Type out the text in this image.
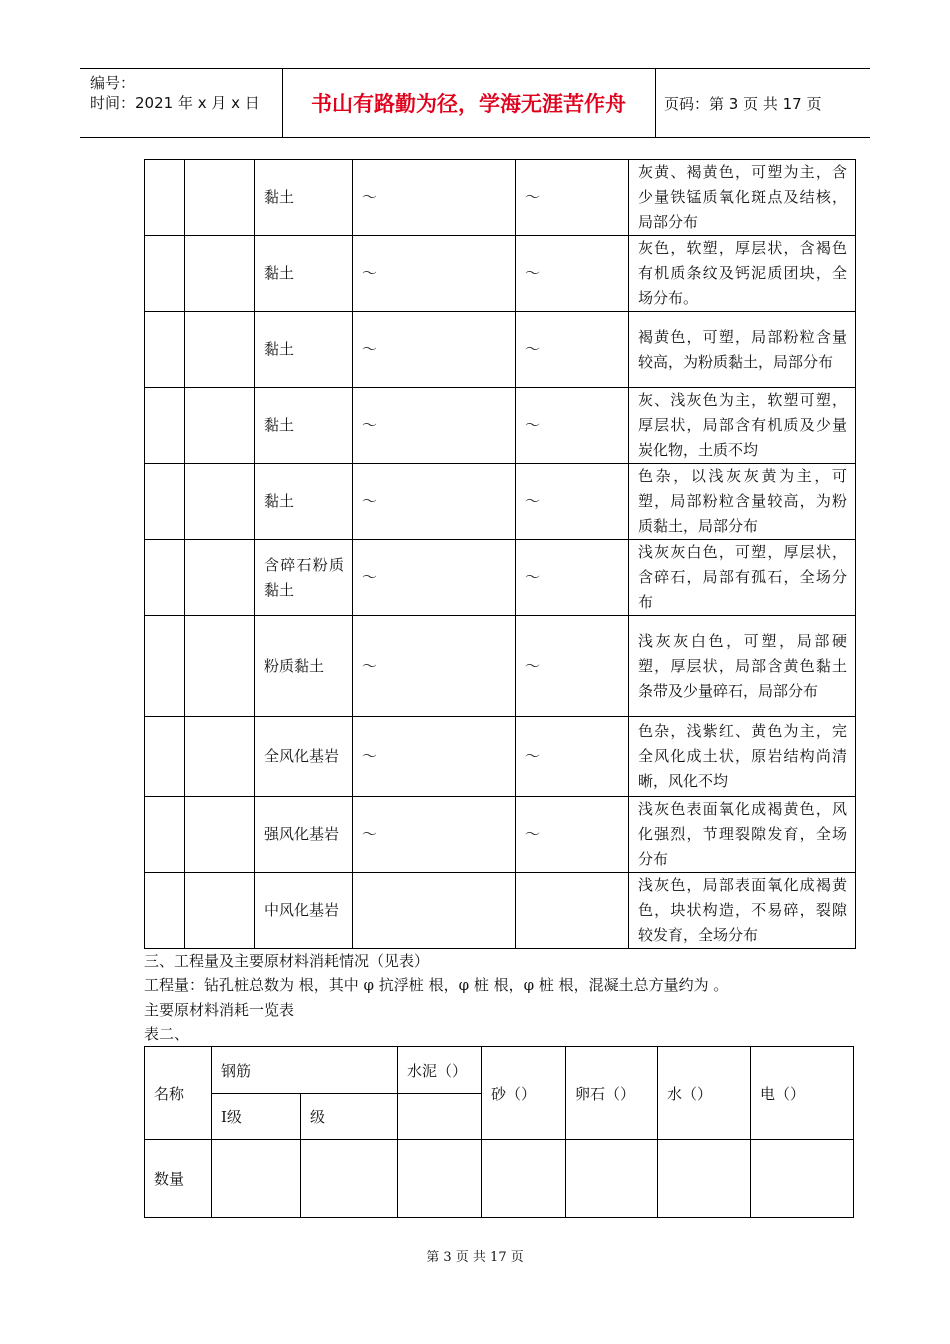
编号：
时间：2021 年 x 月 x 日	书山有路勤为径，学海无涯苦作舟	页码：第 3 页 共 17 页
		黏土	～	～	灰黄、褐黄色，可塑为主，含少量铁锰质氧化斑点及结核，局部分布
		黏土	～	～	灰色，软塑，厚层状，含褐色有机质条纹及钙泥质团块，全场分布。
		黏土	～	～	褐黄色，可塑，局部粉粒含量较高，为粉质黏土，局部分布
		黏土	～	～	灰、浅灰色为主，软塑可塑，厚层状，局部含有机质及少量炭化物，土质不均
		黏土	～	～	色杂，以浅灰灰黄为主，可塑，局部粉粒含量较高，为粉质黏土，局部分布
		含碎石粉质黏土	～	～	浅灰灰白色，可塑，厚层状，含碎石，局部有孤石，全场分布
		粉质黏土	～	～	浅灰灰白色，可塑，局部硬塑，厚层状，局部含黄色黏土条带及少量碎石，局部分布
		全风化基岩	～	～	色杂，浅紫红、黄色为主，完全风化成土状，原岩结构尚清晰，风化不均
		强风化基岩	～	～	浅灰色表面氧化成褐黄色，风化强烈，节理裂隙发育，全场分布
		中风化基岩			浅灰色，局部表面氧化成褐黄色，块状构造，不易碎，裂隙较发育，全场分布
三、工程量及主要原材料消耗情况（见表）
工程量：钻孔桩总数为 根，其中 φ 抗浮桩 根，φ 桩 根，φ 桩 根，混凝土总方量约为 。
主要原材料消耗一览表
表二、
名称	钢筋		水泥（）	砂（）	卵石（）	水（）	电（）
	Ⅰ级	级					
数量							
第 3 页 共 17 页
